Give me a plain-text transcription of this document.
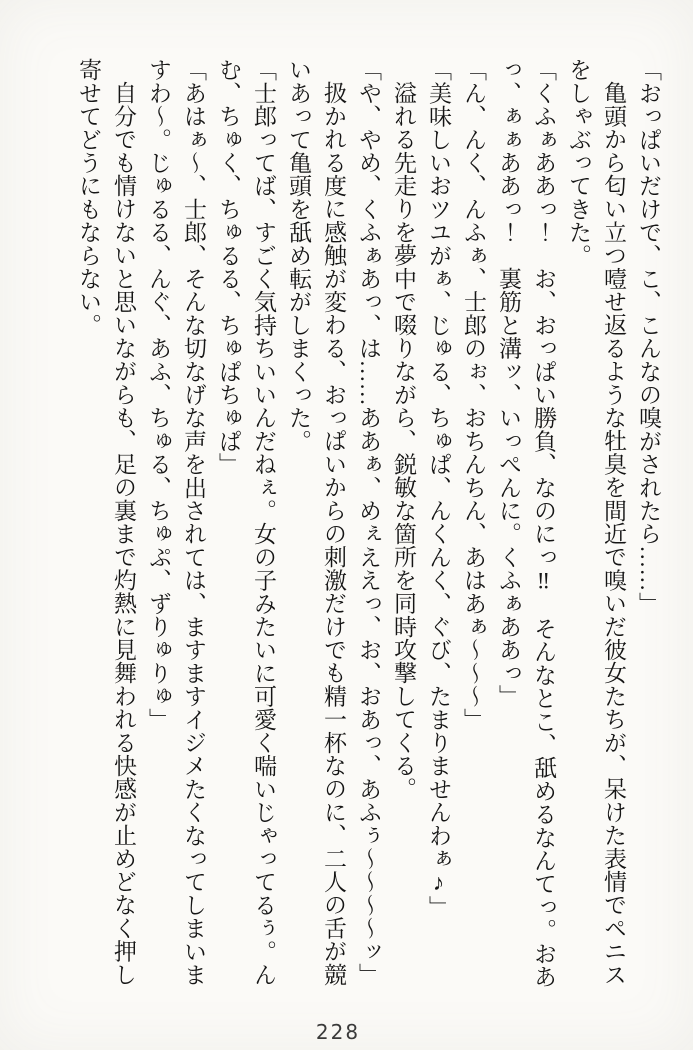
「おっぱいだけで、こ、こんなの嗅がされたら……」

亀頭から匂い立つ噎せ返るような牡臭を間近で嗅いだ彼女たちが、呆けた表情でペニスをしゃぶってきた。

「くふぁああっ！　お、おっぱい勝負、なのにっ‼　そんなとこ、舐めるなんてっ。おあっ、ぁぁああっ！　裏筋と溝ッ、いっぺんに。くふぁああっ」

「ん、んく、んふぁ、士郎のぉ、おちんちん、あはあぁ〜〜〜」

「美味しいおツユがぁ、じゅる、ちゅぱ、んくんく、ぐび、たまりませんわぁ♪」

溢れる先走りを夢中で啜りながら、鋭敏な箇所を同時攻撃してくる。

「や、やめ、くふぁあっ、は……ああぁ、めぇええっ、お、おあっ、あふぅ〜〜〜〜ッ」

扱かれる度に感触が変わる、おっぱいからの刺激だけでも精一杯なのに、二人の舌が競いあって亀頭を舐め転がしまくった。

「士郎ってば、すごく気持ちいいんだねぇ。女の子みたいに可愛く喘いじゃってるぅ。んむ、ちゅく、ちゅるる、ちゅぱちゅぱ」

「あはぁ〜、士郎、そんな切なげな声を出されては、ますますイジメたくなってしまいますわ〜。じゅるる、んぐ、あふ、ちゅる、ちゅぷ、ずりゅりゅ」

自分でも情けないと思いながらも、足の裏まで灼熱に見舞われる快感が止めどなく押し寄せてどうにもならない。

228
